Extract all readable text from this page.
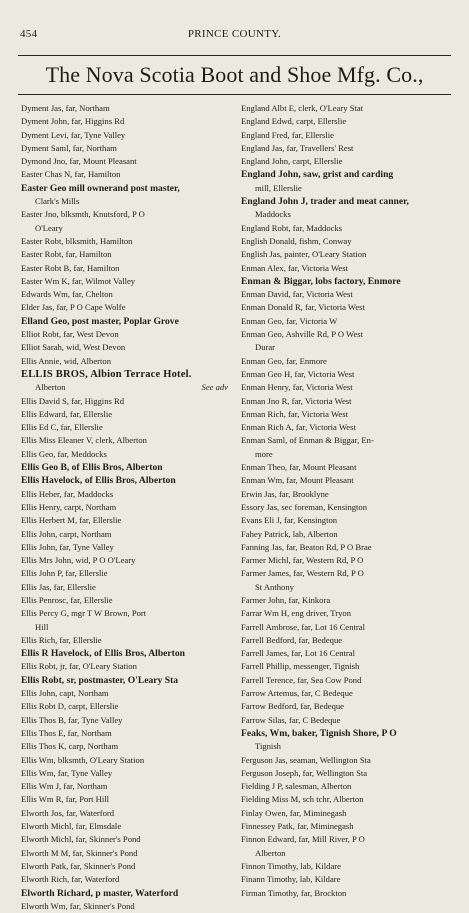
454	PRINCE COUNTY.
The Nova Scotia Boot and Shoe Mfg. Co.,
Dyment Jas, far, Northam
Dyment John, far, Higgins Rd
Dyment Levi, far, Tyne Valley
Dyment Saml, far, Northam
Dymond Jno, far, Mount Pleasant
Easter Chas N, far, Hamilton
Easter Geo mill ownerand post master,
Clark's Mills
Easter Jno, blksmth, Knutsford, P O
O'Leary
Easter Robt, blksmith, Hamilton
Easter Robt, far, Hamilton
Easter Robt B, far, Hamilton
Easter Wm K, far, Wilmot Valley
Edwards Wm, far, Chelton
Elder Jas, far, P O Cape Wolfe
Elland Geo, post master, Poplar Grove
Elliot Robt, far, West Devon
Elliot Sarah, wid, West Devon
Ellis Annie, wid, Alberton
ELLIS BROS, Albion Terrace Hotel.
Alberton	See adv
Ellis David S, far, Higgins Rd
Ellis Edward, far, Ellerslie
Ellis Ed C, far, Ellerslie
Ellis Miss Eleaner V, clerk, Alberton
Ellis Geo, far, Meddocks
Ellis Geo B, of Ellis Bros, Alberton
Ellis Havelock, of Ellis Bros, Alberton
Ellis Heber, far, Maddocks
Ellis Henry, carpt, Northam
Ellis Herbert M, far, Ellerslie
Ellis John, carpt, Northam
Ellis John, far, Tyne Valley
Ellis Mrs John, wid, P O O'Leary
Ellis John P, far, Ellerslie
Ellis Jas, far, Ellerslie
Ellis Penrosc, far, Ellerslie
Ellis Percy G, mgr T W Brown, Port
Hill
Ellis Rich, far, Ellerslie
Ellis R Havelock, of Ellis Bros, Alberton
Ellis Robt, jr, far, O'Leary Station
Ellis Robt, sr, postmaster, O'Leary Sta
Ellis John, capt, Northam
Ellis Robt D, carpt, Ellerslie
Ellis Thos B, far, Tyne Valley
Ellis Thos E, far, Northam
Ellis Thos K, carp, Northam
Ellis Wm, blksmth, O'Leary Station
Ellis Wm, far, Tyne Valley
Ellis Wm J, far, Northam
Ellis Wm R, far, Port Hill
Elworth Jos, far, Waterford
Elworth Michl, far, Elmsdale
Elworth Michl, far, Skinner's Pond
Elworth M M, far, Skinner's Pond
Elworth Patk, far, Skinner's Pond
Elworth Rich, far, Waterford
Elworth Richard, p master, Waterford
Elworth Wm, far, Skinner's Pond
England Albt E, clerk, O'Leary Stat
England Edwd, carpt, Ellerslie
England Fred, far, Ellerslie
England Jas, far, Travellers' Rest
England John, carpt, Ellerslie
England John, saw, grist and carding
mill, Ellerslie
England John J, trader and meat canner,
Maddocks
England Robt, far, Maddocks
English Donald, fishm, Conway
English Jas, painter, O'Leary Station
Enman Alex, far, Victoria West
Enman & Biggar, lobs factory, Enmore
Enman David, far, Victoria West
Enman Donald R, far, Victoria West
Enman Geo, far, Victoria W
Enman Geo, Ashville Rd, P O West
Durar
Enman Geo, far, Enmore
Enman Geo H, far, Victoria West
Enman Henry, far, Victoria West
Enman Jno R, far, Victoria West
Enman Rich, far, Victoria West
Enman Rich A, far, Victoria West
Enman Saml, of Enman & Biggar, En-
more
Enman Theo, far, Mount Pleasant
Enman Wm, far, Mount Pleasant
Erwin Jas, far, Brooklyne
Essory Jas, sec foreman, Kensington
Evans Eli J, far, Kensington
Fahey Patrick, lab, Alberton
Fanning Jas, far, Beaton Rd, P O Brae
Farmer Michl, far, Western Rd, P O
Farmer James, far, Western Rd, P O
St Anthony
Farmer John, far, Kinkora
Farrar Wm H, eng driver, Tryon
Farrell Ambrose, far, Lot 16 Central
Farrell Bedford, far, Bedeque
Farrell James, far, Lot 16 Central
Farrell Phillip, messenger, Tignish
Farrell Terence, far, Sea Cow Pond
Farrow Artemus, far, C Bedeque
Farrow Bedford, far, Bedeque
Farrow Silas, far, C Bedeque
Feaks, Wm, baker, Tignish Shore, P O
Tignish
Ferguson Jas, seaman, Wellington Sta
Ferguson Joseph, far, Wellington Sta
Fielding J P, salesman, Alberton
Fielding Miss M, sch tchr, Alberton
Finlay Owen, far, Miminegash
Finnessey Patk, far, Miminegash
Finnon Edward, far, Mill River, P O
Alberton
Finnon Timothy, lab, Kildare
Finann Timothy, lab, Kildare
Firman Timothy, far, Brockton
